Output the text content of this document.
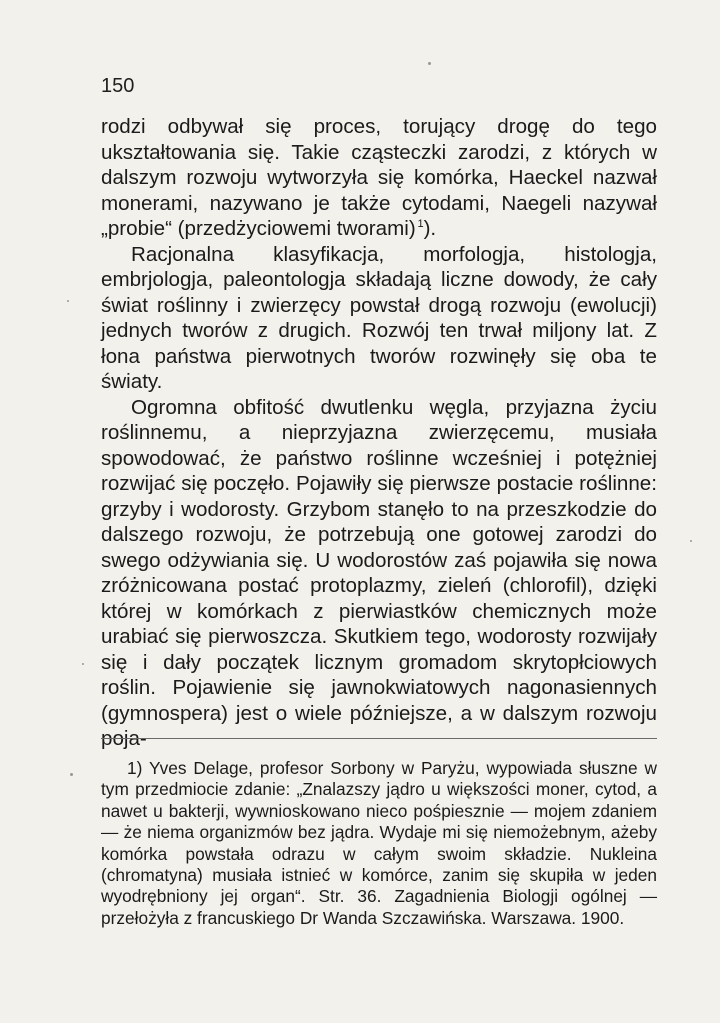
150

rodzi odbywał się proces, torujący drogę do tego ukształtowania się. Takie cząsteczki zarodzi, z których w dalszym rozwoju wytworzyła się komórka, Haeckel nazwał monerami, nazywano je także cytodami, Naegeli nazywał „probie“ (przedżyciowemi tworami)  $^1$).

Racjonalna klasyfikacja, morfologja, histologja, embrjologja, paleontologja składają liczne dowody, że cały świat roślinny i zwierzęcy powstał drogą rozwoju (ewolucji) jednych tworów z drugich. Rozwój ten trwał miljony lat. Z łona państwa pierwotnych tworów rozwinęły się oba te światy.

Ogromna obfitość dwutlenku węgla, przyjazna życiu roślinnemu, a nieprzyjazna zwierzęcemu, musiała spowodować, że państwo roślinne wcześniej i potężniej rozwijać się poczęło. Pojawiły się pierwsze postacie roślinne: grzyby i wodorosty. Grzybom stanęło to na przeszkodzie do dalszego rozwoju, że potrzebują one gotowej zarodzi do swego odżywiania się. U wodorostów zaś pojawiła się nowa zróżnicowana postać protoplazmy, zieleń (chlorofil), dzięki której w komórkach z pierwiastków chemicznych może urabiać się pierwoszcza. Skutkiem tego, wodorosty rozwijały się i dały początek licznym gromadom skrytopłciowych roślin. Pojawienie się jawnokwiatowych nagonasiennych (gymnospera) jest o wiele późniejsze, a w dalszym rozwoju poja-

1) Yves Delage, profesor Sorbony w Paryżu, wypowiada słuszne w tym przedmiocie zdanie: „Znalazszy jądro u większości moner, cytod, a nawet u bakterji, wywnioskowano nieco pośpiesznie — mojem zdaniem — że niema organizmów bez jądra. Wydaje mi się niemożebnym, ażeby komórka powstała odrazu w całym swoim składzie. Nukleina (chromatyna) musiała istnieć w komórce, zanim się skupiła w jeden wyodrębniony jej organ“. Str. 36. Zagadnienia Biologji ogólnej — przełożyła z francuskiego Dr Wanda Szczawińska. Warszawa. 1900.
